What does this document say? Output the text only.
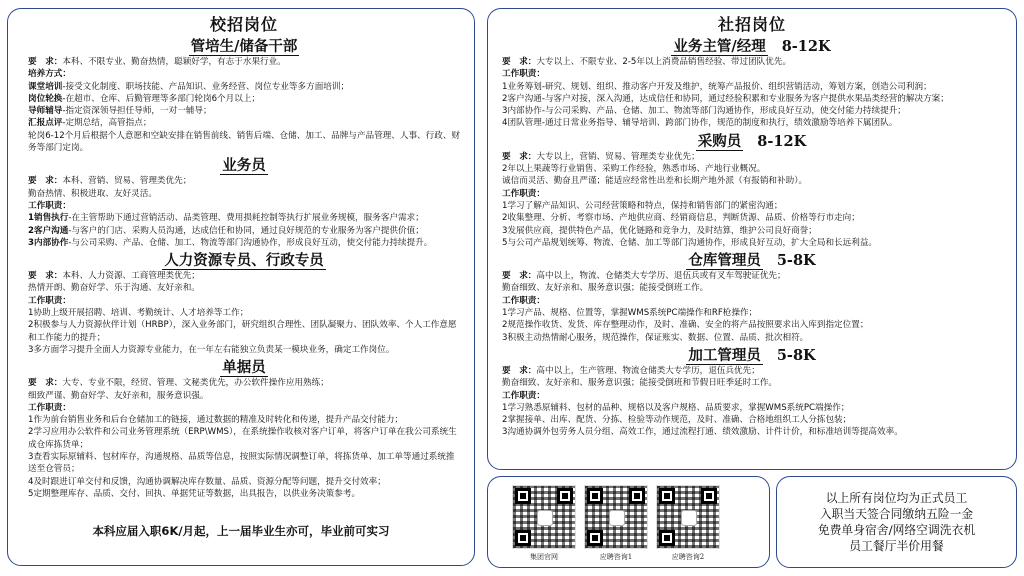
校招岗位
管培生/储备干部
要　求：本科、不限专业、勤奋热情，聪颖好学，有志于水果行业。
培养方式：
课堂培训-接受文化制度、职场技能、产品知识、业务经营、岗位专业等多方面培训；
岗位轮换-在超市、仓库、后勤管理等多部门轮岗6个月以上；
导师辅导-指定资深领导担任导师，一对一辅导；
汇报点评-定期总结，高管指点；
轮岗6-12个月后根据个人意愿和空缺安排在销售前线、销售后端、仓储、加工、品牌与产品管理、人事、行政、财务等部门定岗。
业务员
要　求：本科、营销、贸易、管理类优先；
勤奋热情、积极进取、友好灵活。
工作职责：
1销售执行-在主管帮助下通过营销活动、品类管理、费用损耗控制等执行扩展业务规模，服务客户需求；
2客户沟通-与客户的门店、采购人员沟通，达成信任和协同，通过良好规范的专业服务为客户提供价值；
3内部协作-与公司采购、产品、仓储、加工、物流等部门沟通协作，形成良好互动，使交付能力持续提升。
人力资源专员、行政专员
要　求：本科、人力资源、工商管理类优先；
热情开朗、勤奋好学、乐于沟通、友好亲和。
工作职责：
1协助上级开展招聘、培训、考勤统计、人才培养等工作；
2积极参与人力资源伙伴计划（HRBP），深入业务部门，研究组织合理性、团队凝聚力、团队效率、个人工作意愿和工作能力的提升；
3多方面学习提升全面人力资源专业能力，在一年左右能独立负责某一模块业务，确定工作岗位。
单据员
要　求：大专、专业不限，经贸、管理、文秘类优先，办公软件操作应用熟练；
细致严谨、勤奋好学、友好亲和，服务意识强。
工作职责：
1作为前台销售业务和后台仓储加工的链接，通过数据的精准及时转化和传递，提升产品交付能力；
2学习应用办公软件和公司业务管理系统（ERP\WMS），在系统操作收核对客户订单，将客户订单在我公司系统生成仓库拣货单；
3查看实际原辅料、包材库存，沟通规格、品质等信息，按照实际情况调整订单，将拣货单、加工单等通过系统推送至仓管员；
4及时跟进订单交付和反馈，沟通协调解决库存数量、品质、资源分配等问题，提升交付效率；
5定期整理库存、品质、交付、回执、单据凭证等数据，出具报告，以供业务决策参考。
本科应届入职6K/月起，上一届毕业生亦可，毕业前可实习
社招岗位
业务主管/经理 8-12K
要　求：大专以上、不限专业、2-5年以上消费品销售经验、带过团队优先。
工作职责：
1业务筹划-研究、规划、组织、推动客户开发及维护，统筹产品报价、组织营销活动，筹划方案，创造公司利润；
2客户沟通-与客户对接，深入沟通，达成信任和协同，通过经验积累和专业服务为客户提供水果品类经营的解决方案；
3内部协作-与公司采购、产品、仓储、加工、物流等部门沟通协作，形成良好互动，使交付能力持续提升；
4团队管理-通过日常业务指导、辅导培训、跨部门协作，规范的制度和执行，绩效激励等培养下属团队。
采购员 8-12K
要　求：大专以上，营销、贸易、管理类专业优先；
2年以上果蔬等行业销售、采购工作经验，熟悉市场、产地行业概况。
诚信而灵活、勤奋且严谨；能适应经常性出差和长期产地外派（有报销和补助）。
工作职责：
1学习了解产品知识、公司经营策略和特点，保持和销售部门的紧密沟通；
2收集整理、分析、考察市场、产地供应商、经销商信息，判断货源、品质、价格等行市走向；
3发展供应商，提供特色产品，优化链路和竞争力，及时结算，维护公司良好商誉；
5与公司产品规划统筹、物流、仓储、加工等部门沟通协作，形成良好互动，扩大全局和长远利益。
仓库管理员 5-8K
要　求：高中以上，物流、仓储类大专学历、退伍兵或有叉车驾驶证优先；
勤奋细致、友好亲和、服务意识强；能接受倒班工作。
工作职责：
1学习产品、规格、位置等，掌握WMS系统PC端操作和RF枪操作；
2规范操作收货、发货、库存整理动作，及时、准确、安全的将产品按照要求出入库到指定位置；
3积极主动热情耐心服务，规范操作，保证账实、数据、位置、品质、批次相符。
加工管理员 5-8K
要　求：高中以上，生产管理、物流仓储类大专学历，退伍兵优先；
勤奋细致、友好亲和、服务意识强；能接受倒班和节假日旺季延时工作。
工作职责：
1学习熟悉原辅料、包材的品种、规格以及客户规格、品质要求，掌握WMS系统PC端操作；
2掌握接单、出库、配货、分拣、检验等动作规范，及时、准确、合格地组织工人分拣包装；
3沟通协调外包劳务人员分组、高效工作，通过流程打通、绩效激励、计件计价，和标准培训等提高效率。
集团官网	应聘咨询1	应聘咨询2
以上所有岗位均为正式员工
入职当天签合同缴纳五险一金
免费单身宿舍/网络空调洗衣机
员工餐厅半价用餐
